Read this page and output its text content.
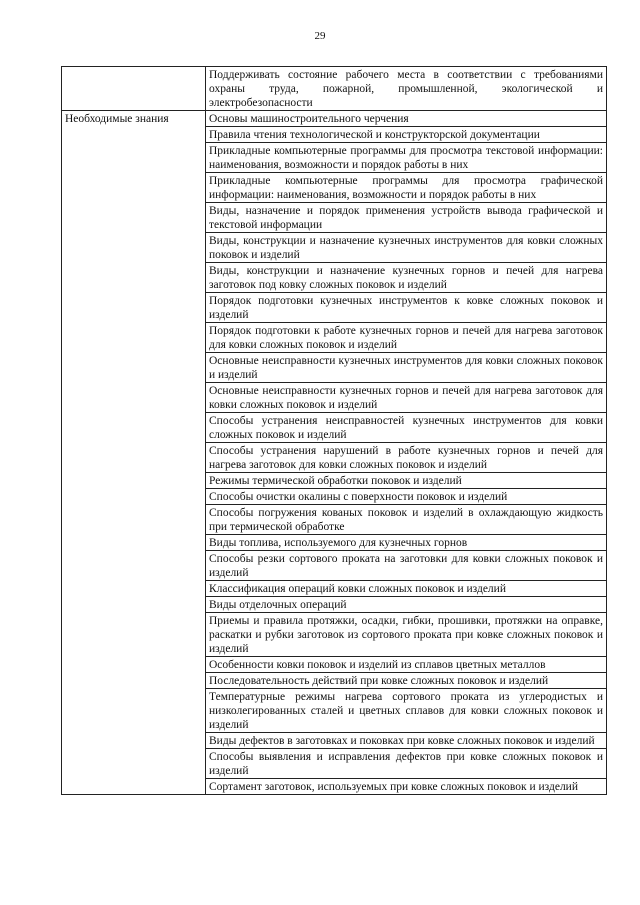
29
	Поддерживать состояние рабочего места в соответствии с требованиями охраны труда, пожарной, промышленной, экологической и электробезопасности
Необходимые знания	Основы машиностроительного черчения
	Правила чтения технологической и конструкторской документации
	Прикладные компьютерные программы для просмотра текстовой информации: наименования, возможности и порядок работы в них
	Прикладные компьютерные программы для просмотра графической информации: наименования, возможности и порядок работы в них
	Виды, назначение и порядок применения устройств вывода графической и текстовой информации
	Виды, конструкции и назначение кузнечных инструментов для ковки сложных поковок и изделий
	Виды, конструкции и назначение кузнечных горнов и печей для нагрева заготовок под ковку сложных поковок и изделий
	Порядок подготовки кузнечных инструментов к ковке сложных поковок и изделий
	Порядок подготовки к работе кузнечных горнов и печей для нагрева заготовок для ковки сложных поковок и изделий
	Основные неисправности кузнечных инструментов для ковки сложных поковок и изделий
	Основные неисправности кузнечных горнов и печей для нагрева заготовок для ковки сложных поковок и изделий
	Способы устранения неисправностей кузнечных инструментов для ковки сложных поковок и изделий
	Способы устранения нарушений в работе кузнечных горнов и печей для нагрева заготовок для ковки сложных поковок и изделий
	Режимы термической обработки поковок и изделий
	Способы очистки окалины с поверхности поковок и изделий
	Способы погружения кованых поковок и изделий в охлаждающую жидкость при термической обработке
	Виды топлива, используемого для кузнечных горнов
	Способы резки сортового проката на заготовки для ковки сложных поковок и изделий
	Классификация операций ковки сложных поковок и изделий
	Виды отделочных операций
	Приемы и правила протяжки, осадки, гибки, прошивки, протяжки на оправке, раскатки и рубки заготовок из сортового проката при ковке сложных поковок и изделий
	Особенности ковки поковок и изделий из сплавов цветных металлов
	Последовательность действий при ковке сложных поковок и изделий
	Температурные режимы нагрева сортового проката из углеродистых и низколегированных сталей и цветных сплавов для ковки сложных поковок и изделий
	Виды дефектов в заготовках и поковках при ковке сложных поковок и изделий
	Способы выявления и исправления дефектов при ковке сложных поковок и изделий
	Сортамент заготовок, используемых при ковке сложных поковок и изделий
